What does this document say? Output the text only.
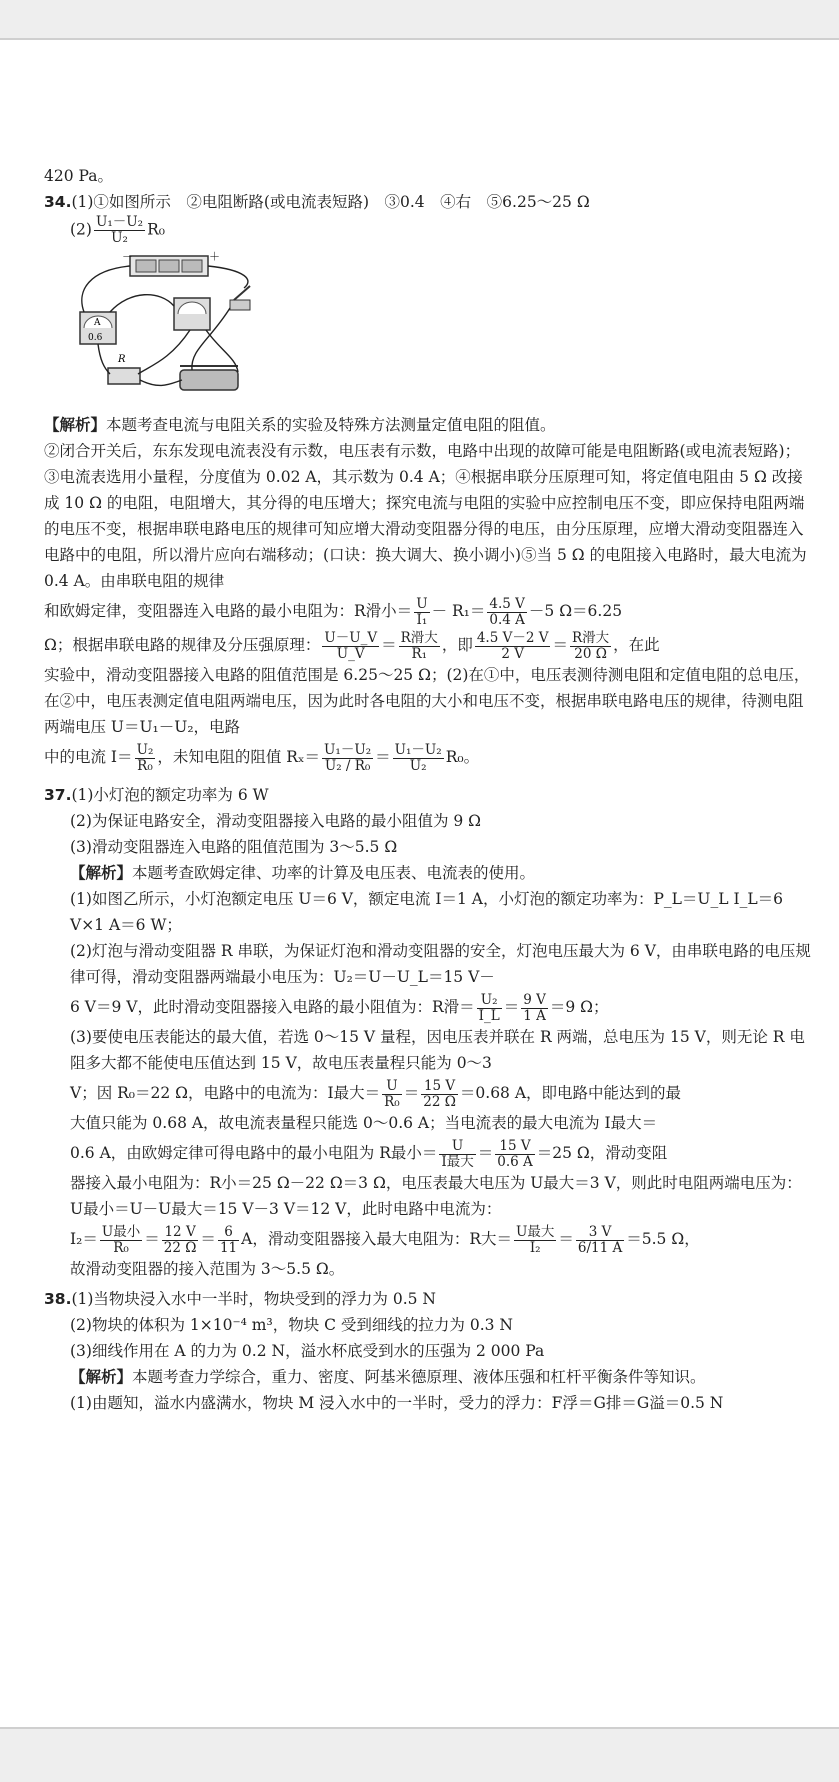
420 Pa。

34.(1)①如图所示　②电阻断路(或电流表短路)　③0.4　④右　⑤6.25～25 Ω

$(2) \frac{\text{U₁－U₂}}{\text{U₂}} R_0$

－	＋
A
0.6
R

【解析】本题考查电流与电阻关系的实验及特殊方法测量定值电阻的阻值。

②闭合开关后，东东发现电流表没有示数，电压表有示数，电路中出现的故障可能是电阻断路(或电流表短路)；③电流表选用小量程，分度值为 0.02 A，其示数为 0.4 A；④根据串联分压原理可知，将定值电阻由 5 Ω 改接成 10 Ω 的电阻，电阻增大，其分得的电压增大；探究电流与电阻的实验中应控制电压不变，即应保持电阻两端的电压不变，根据串联电路电压的规律可知应增大滑动变阻器分得的电压，由分压原理，应增大滑动变阻器连入电路中的电阻，所以滑片应向右端移动；(口诀：换大调大、换小调小)⑤当 5 Ω 的电阻接入电路时，最大电流为 0.4 A。由串联电阻的规律

和欧姆定律，变阻器连入电路的最小电阻为：R滑小＝ $\frac{U}{\text{I₁}} - R_1= \frac{4.5 V}{0.4 A} -5$ Ω＝6.25

Ω；根据串联电路的规律及分压强原理： $\frac{U-U\_V}{U\_V} = \frac{\text{R滑大}}{\text{R₁}}$ ，即 $\frac{4.5 V-2 V}{2 V} = \frac{\text{R滑大}}{20 \Omega}$ ，在此

实验中，滑动变阻器接入电路的阻值范围是 6.25～25 Ω；(2)在①中，电压表测待测电阻和定值电阻的总电压，在②中，电压表测定值电阻两端电压，因为此时各电阻的大小和电压不变，根据串联电路电压的规律，待测电阻两端电压 U＝U₁－U₂，电路

中的电流 $I= \frac{\text{U₂}}{\text{R₀}}$ ，未知电阻的阻值 $R_x= \frac{\text{U₁－U₂}}{\text{U₂ / R₀}} = \frac{\text{U₁－U₂}}{\text{U₂}} R_0$。

37.(1)小灯泡的额定功率为 6 W

(2)为保证电路安全，滑动变阻器接入电路的最小阻值为 9 Ω

(3)滑动变阻器连入电路的阻值范围为 3～5.5 Ω

【解析】本题考查欧姆定律、功率的计算及电压表、电流表的使用。

(1)如图乙所示，小灯泡额定电压 U＝6 V，额定电流 I＝1 A，小灯泡的额定功率为：P_L＝U_L I_L＝6 V×1 A＝6 W；

(2)灯泡与滑动变阻器 R 串联，为保证灯泡和滑动变阻器的安全，灯泡电压最大为 6 V，由串联电路的电压规律可得，滑动变阻器两端最小电压为：U₂＝U－U_L＝15 V－

6 V＝9 V，此时滑动变阻器接入电路的最小阻值为：R滑＝ $\frac{\text{U₂}}{I\_L} = \frac{9 V}{1 A} =9$ Ω；

(3)要使电压表能达的最大值，若选 0～15 V 量程，因电压表并联在 R 两端，总电压为 15 V，则无论 R 电阻多大都不能使电压值达到 15 V，故电压表量程只能为 0～3

V；因 R₀＝22 Ω，电路中的电流为：I最大＝ $\frac{U}{\text{R₀}} = \frac{15 V}{22 \Omega} =0.68$ A，即电路中能达到的最

大值只能为 0.68 A，故电流表量程只能选 0～0.6 A；当电流表的最大电流为 I最大＝

0.6 A，由欧姆定律可得电路中的最小电阻为 R最小＝ $\frac{U}{\text{I最大}} = \frac{15 V}{0.6 A} =25$ Ω，滑动变阻

器接入最小电阻为：R小＝25 Ω－22 Ω＝3 Ω，电压表最大电压为 U最大＝3 V，则此时电阻两端电压为：U最小＝U－U最大＝15 V－3 V＝12 V，此时电路中电流为：

$I_2= \frac{\text{U最小}}{\text{R₀}} = \frac{12 V}{22 \Omega} = \frac{6}{11}$ A，滑动变阻器接入最大电阻为：R大＝ $\frac{\text{U最大}}{\text{I₂}} = \frac{3 V}{6/11 A} =5.5$ Ω，

故滑动变阻器的接入范围为 3～5.5 Ω。

38.(1)当物块浸入水中一半时，物块受到的浮力为 0.5 N

(2)物块的体积为 1×10⁻⁴ m³，物块 C 受到细线的拉力为 0.3 N

(3)细线作用在 A 的力为 0.2 N，溢水杯底受到水的压强为 2 000 Pa

【解析】本题考查力学综合，重力、密度、阿基米德原理、液体压强和杠杆平衡条件等知识。

(1)由题知，溢水内盛满水，物块 M 浸入水中的一半时，受力的浮力：F浮＝G排＝G溢＝0.5 N
